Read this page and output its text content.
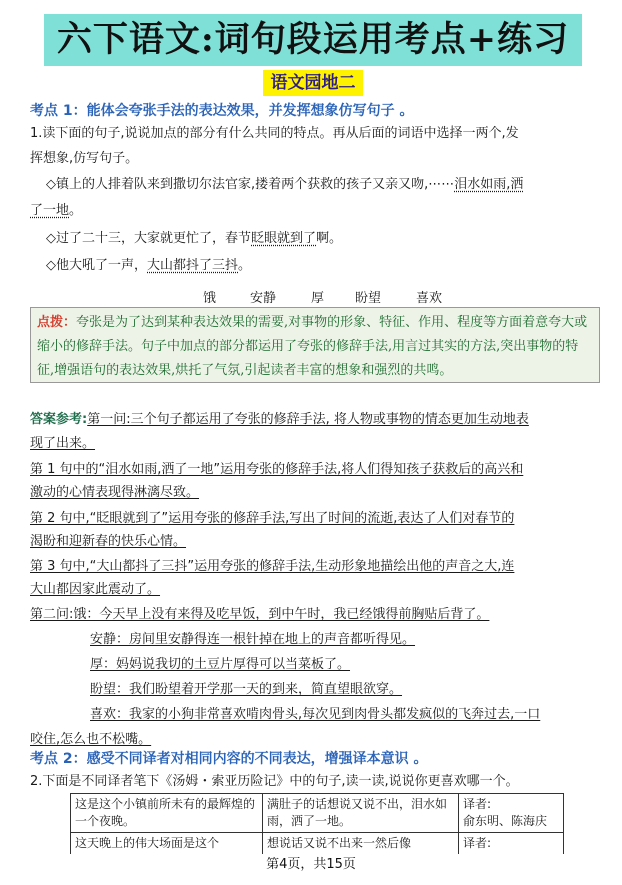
六下语文:词句段运用考点+练习
语文园地二
考点 1：能体会夸张手法的表达效果，并发挥想象仿写句子 。
1.读下面的句子,说说加点的部分有什么共同的特点。再从后面的词语中选择一两个,发
挥想象,仿写句子。
◇镇上的人排着队来到撒切尔法官家,搂着两个获救的孩子又亲又吻,⋯⋯泪水如雨,洒
了一地。
◇过了二十三，大家就更忙了，春节眨眼就到了啊。
◇他大吼了一声，大山都抖了三抖。
饿	安静	厚 盼望	喜欢
点拨：夸张是为了达到某种表达效果的需要,对事物的形象、特征、作用、程度等方面着意夸大或缩小的修辞手法。句子中加点的部分都运用了夸张的修辞手法,用言过其实的方法,突出事物的特征,增强语句的表达效果,烘托了气氛,引起读者丰富的想象和强烈的共鸣。
答案参考:第一问:三个句子都运用了夸张的修辞手法, 将人物或事物的情态更加生动地表
现了出来。
第 1 句中的“泪水如雨,洒了一地”运用夸张的修辞手法,将人们得知孩子获救后的高兴和
激动的心情表现得淋漓尽致。
第 2 句中,“眨眼就到了”运用夸张的修辞手法,写出了时间的流逝,表达了人们对春节的
渴盼和迎新春的快乐心情。
第 3 句中,“大山都抖了三抖”运用夸张的修辞手法,生动形象地描绘出他的声音之大,连
大山都因家此震动了。
第二问:饿：今天早上没有来得及吃早饭，到中午时，我已经饿得前胸贴后背了。
安静：房间里安静得连一根针掉在地上的声音都听得见。
厚：妈妈说我切的土豆片厚得可以当菜板了。
盼望：我们盼望着开学那一天的到来，简直望眼欲穿。
喜欢：我家的小狗非常喜欢啃肉骨头,每次见到肉骨头都发疯似的飞奔过去,一口
咬住,怎么也不松嘴。
考点 2：感受不同译者对相同内容的不同表达，增强译本意识 。
2.下面是不同译者笔下《汤姆・索亚历险记》中的句子,读一读,说说你更喜欢哪一个。
这是这个小镇前所未有的最辉煌的一个夜晚。	满肚子的话想说又说不出，泪水如雨，洒了一地。	译者:
俞东明、陈海庆
这天晚上的伟大场面是这个	想说话又说不出来一然后像	译者:
第4页，共15页
